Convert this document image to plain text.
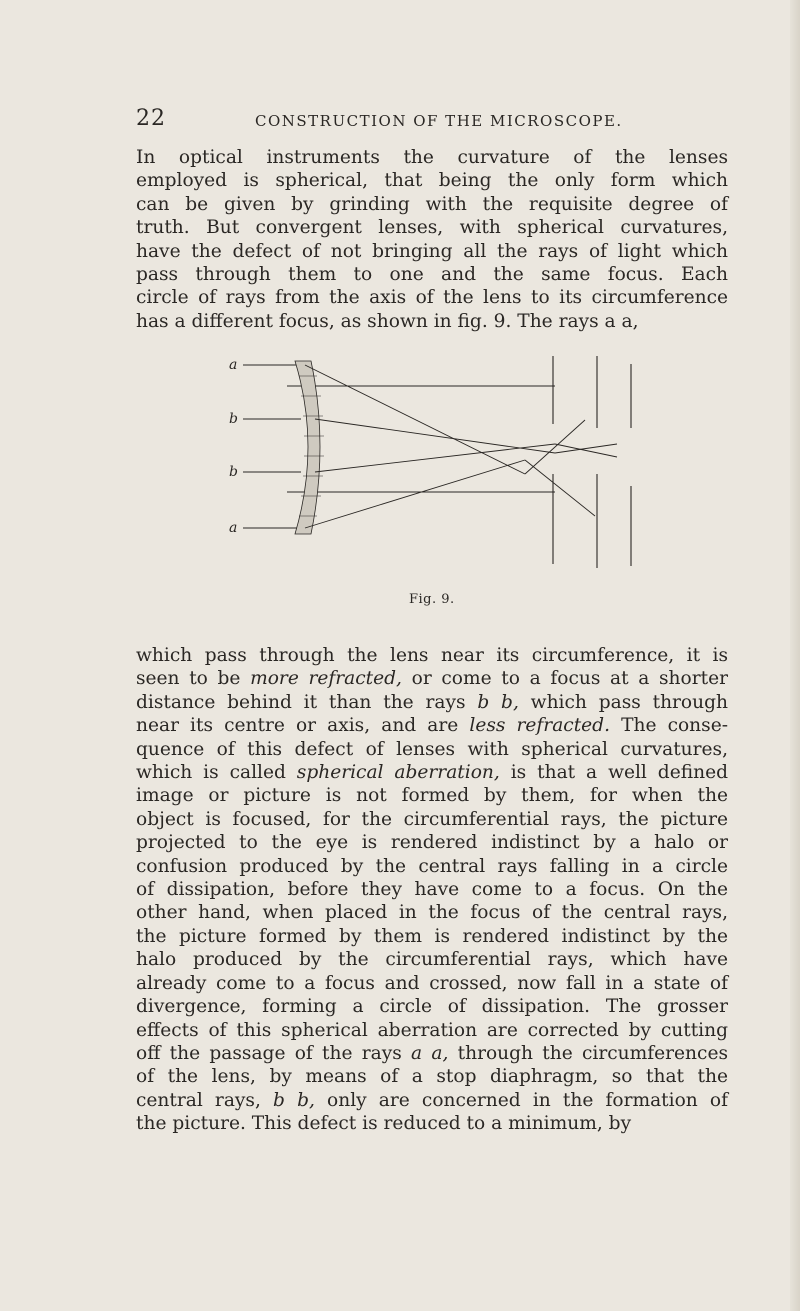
22	CONSTRUCTION OF THE MICROSCOPE.

In optical instruments the curvature of the lenses
employed is spherical, that being the only form which
can be given by grinding with the requisite degree of
truth. But convergent lenses, with spherical curvatures,
have the defect of not bringing all the rays of light which
pass through them to one and the same focus. Each
circle of rays from the axis of the lens to its circumference
has a different focus, as shown in fig. 9. The rays a a,

a
b
b
a
Fig. 9.

which pass through the lens near its circumference, it is
seen to be more refracted, or come to a focus at a shorter
distance behind it than the rays b b, which pass through
near its centre or axis, and are less refracted. The conse-
quence of this defect of lenses with spherical curvatures,
which is called spherical aberration, is that a well defined
image or picture is not formed by them, for when the
object is focused, for the circumferential rays, the picture
projected to the eye is rendered indistinct by a halo or
confusion produced by the central rays falling in a circle
of dissipation, before they have come to a focus. On the
other hand, when placed in the focus of the central rays,
the picture formed by them is rendered indistinct by the
halo produced by the circumferential rays, which have
already come to a focus and crossed, now fall in a state of
divergence, forming a circle of dissipation. The grosser
effects of this spherical aberration are corrected by cutting
off the passage of the rays a a, through the circumferences
of the lens, by means of a stop diaphragm, so that the
central rays, b b, only are concerned in the formation of
the picture. This defect is reduced to a minimum, by
